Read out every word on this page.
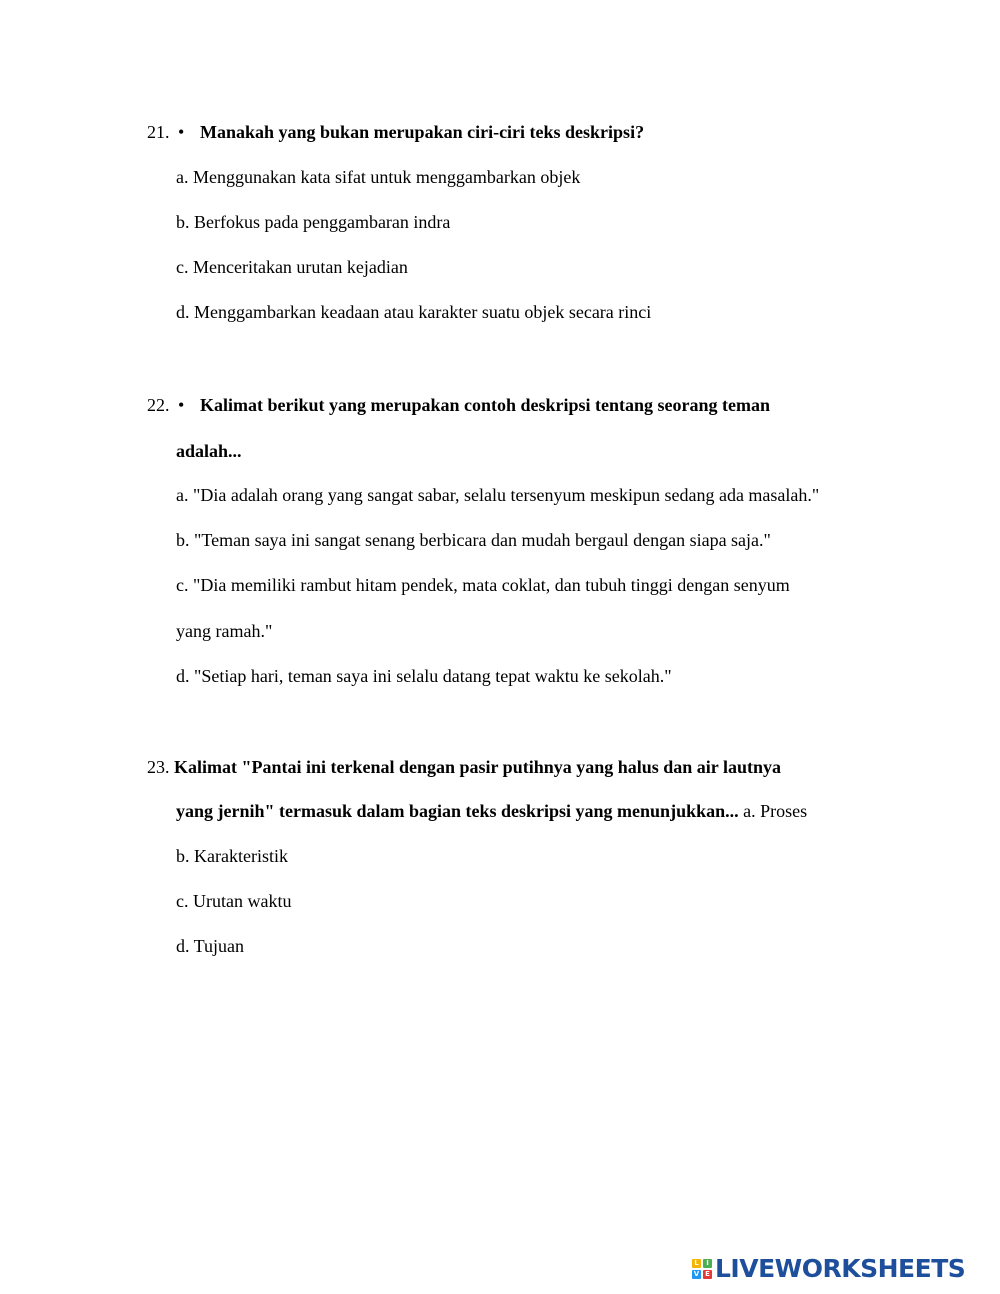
21. • Manakah yang bukan merupakan ciri-ciri teks deskripsi?
a. Menggunakan kata sifat untuk menggambarkan objek
b. Berfokus pada penggambaran indra
c. Menceritakan urutan kejadian
d. Menggambarkan keadaan atau karakter suatu objek secara rinci
22. • Kalimat berikut yang merupakan contoh deskripsi tentang seorang teman
adalah...
a. "Dia adalah orang yang sangat sabar, selalu tersenyum meskipun sedang ada masalah."
b. "Teman saya ini sangat senang berbicara dan mudah bergaul dengan siapa saja."
c. "Dia memiliki rambut hitam pendek, mata coklat, dan tubuh tinggi dengan senyum
yang ramah."
d. "Setiap hari, teman saya ini selalu datang tepat waktu ke sekolah."
23. Kalimat "Pantai ini terkenal dengan pasir putihnya yang halus dan air lautnya
yang jernih" termasuk dalam bagian teks deskripsi yang menunjukkan... a. Proses
b. Karakteristik
c. Urutan waktu
d. Tujuan
L	I
V E LIVEWORKSHEETS
